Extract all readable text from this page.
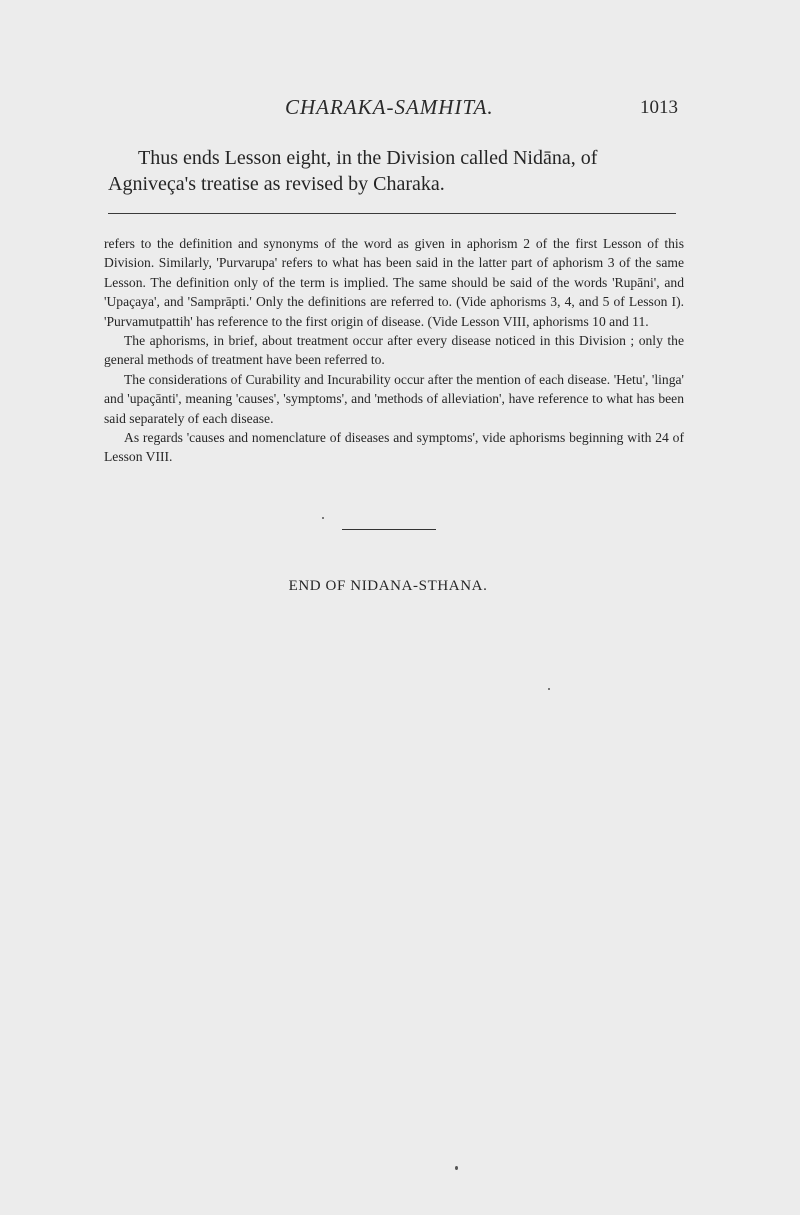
CHARAKA-SAMHITA.	1013
Thus ends Lesson eight, in the Division called Nidāna, of Agniveça's treatise as revised by Charaka.

refers to the definition and synonyms of the word as given in aphorism 2 of the first Lesson of this Division. Similarly, 'Purvarupa' refers to what has been said in the latter part of aphorism 3 of the same Lesson. The definition only of the term is implied. The same should be said of the words 'Rupāni', and 'Upaçaya', and 'Samprāpti.' Only the definitions are referred to. (Vide aphorisms 3, 4, and 5 of Lesson I). 'Purvamutpattih' has reference to the first origin of disease. (Vide Lesson VIII, aphorisms 10 and 11.

The aphorisms, in brief, about treatment occur after every disease noticed in this Division ; only the general methods of treatment have been referred to.

The considerations of Curability and Incurability occur after the mention of each disease. 'Hetu', 'linga' and 'upaçānti', meaning 'causes', 'symptoms', and 'methods of alleviation', have reference to what has been said separately of each disease.

As regards 'causes and nomenclature of diseases and symptoms', vide aphorisms beginning with 24 of Lesson VIII.

END OF NIDANA-STHANA.
